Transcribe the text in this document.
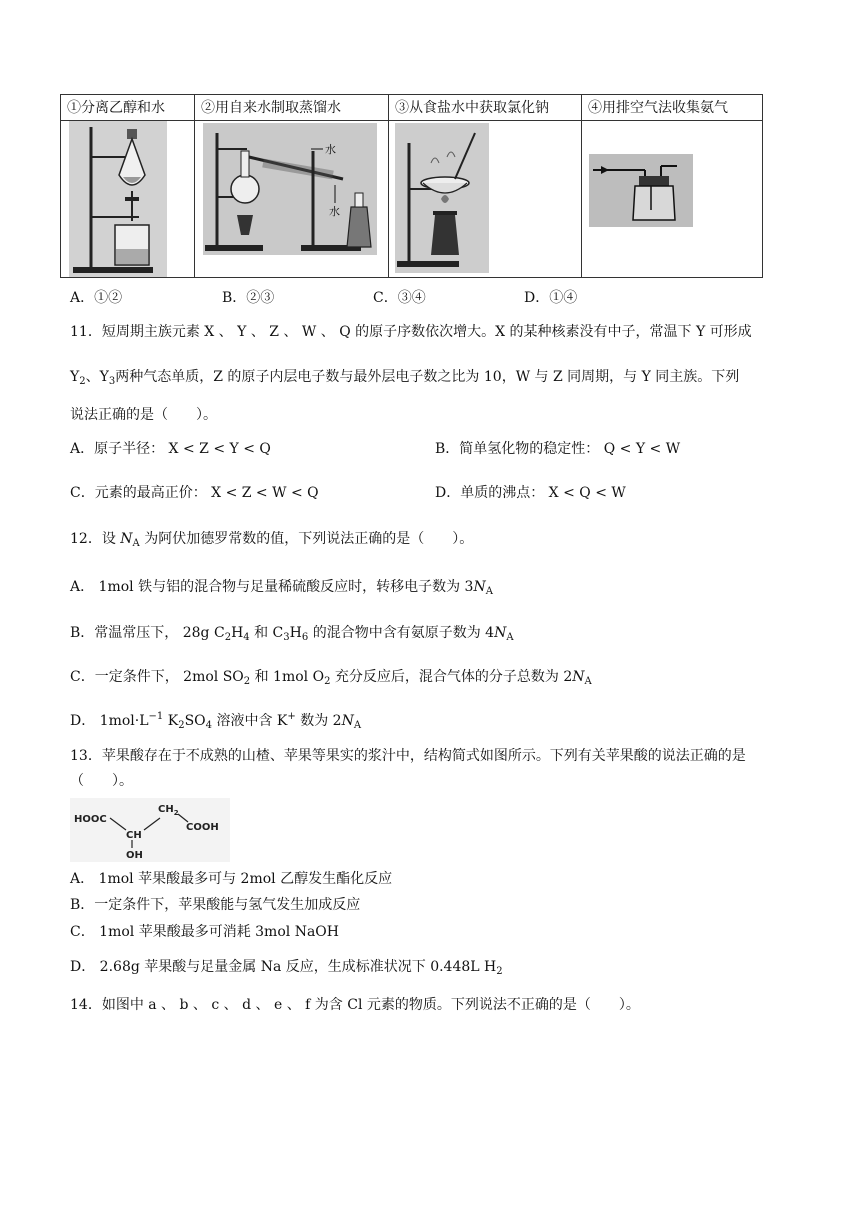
①分离乙醇和水	②用自来水制取蒸馏水	③从食盐水中获取氯化钠	④用排空气法收集氨气

水
水

A．①②	B．②③	C．③④	D．①④
11．短周期主族元素 X 、 Y 、 Z 、 W 、 Q 的原子序数依次增大。X 的某种核素没有中子，常温下 Y 可形成
$Y_2$、$Y_3$两种气态单质，Z 的原子内层电子数与最外层电子数之比为 10，W 与 Z 同周期，与 Y 同主族。下列
说法正确的是（　　）。
A．原子半径： X < Z < Y < Q	B．简单氢化物的稳定性： Q < Y < W
C．元素的最高正价： X < Z < W < Q	D．单质的沸点： X < Q < W
12．设 $N_A$ 为阿伏加德罗常数的值，下列说法正确的是（　　）。
A． 1mol 铁与铝的混合物与足量稀硫酸反应时，转移电子数为 $3N_A$
B．常温常压下， 28g $C_2H_4$ 和 $C_3H_6$ 的混合物中含有氨原子数为 $4N_A$
C．一定条件下， 2mol $SO_2$ 和 1mol $O_2$ 充分反应后，混合气体的分子总数为 $2N_A$
D． $1mol\cdot L^{-1}$ $K_2SO_4$ 溶液中含 K+ 数为 $2N_A$
13．苹果酸存在于不成熟的山楂、苹果等果实的浆汁中，结构简式如图所示。下列有关苹果酸的说法正确的是
（　　）。
HOOC
CH
$CH_2$
COOH
OH
A． 1mol 苹果酸最多可与 2mol 乙醇发生酯化反应
B．一定条件下，苹果酸能与氢气发生加成反应
C． 1mol 苹果酸最多可消耗 3mol NaOH
D． 2.68g 苹果酸与足量金属 Na 反应，生成标准状况下 0.448L $H_2$
14．如图中 a 、 b 、 c 、 d 、 e 、 f 为含 Cl 元素的物质。下列说法不正确的是（　　）。
